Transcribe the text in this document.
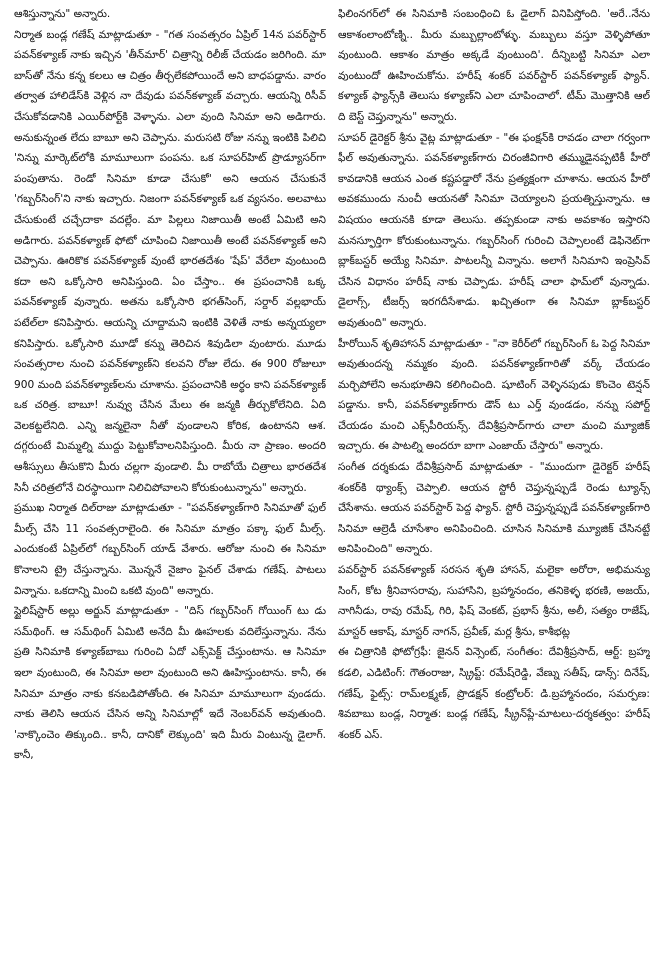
ఆశిస్తున్నాను" అన్నారు.

నిర్మాత బండ్ల గణేష్ మాట్లాడుతూ - "గత సంవత్సరం ఏప్రిల్ 14న పవర్‌స్టార్ పవన్‌కళ్యాణ్ నాకు ఇచ్చిన 'తీన్‌మార్' చిత్రాన్ని రిలీజ్ చేయడం జరిగింది. మా బాస్‌తో నేను కన్న కలలు ఆ చిత్రం తీర్చలేకపోయిందే అని బాధపడ్డాను. వారం తర్వాత హాలిడేస్‌కి వెళ్లిన నా దేవుడు పవన్‌కళ్యాణ్ వచ్చారు. ఆయన్ని రిసీవ్ చేసుకోవడానికి ఎయిర్‌పోర్ట్‌కి వెళ్ళాను. ఎలా వుంది సినిమా అని అడిగారు. అనుకున్నంత లేదు బాబూ అని చెప్పాను. మరుసటి రోజు నన్ను ఇంటికి పిలిచి 'నిన్ను మార్కెట్‌లోకి మామూలుగా పంపను. ఒక సూపర్‌హిట్ ప్రొడ్యూసర్‌గా పంపుతాను. రెండో సినిమా కూడా చేసుకో' అని ఆయన చేసుకునే 'గబ్బర్‌సింగ్'ని నాకు ఇచ్చారు. నిజంగా పవన్‌కళ్యాణ్ ఒక వ్యసనం. అలవాటు చేసుకుంటే చచ్చేదాకా వదల్లేం. మా పిల్లలు నిజాయితీ అంటే ఏమిటి అని అడిగారు. పవన్‌కళ్యాణ్ ఫోటో చూపించి నిజాయితీ అంటే పవన్‌కళ్యాణ్ అని చెప్పాను. ఊరికొక పవన్‌కళ్యాణ్ వుంటే భారతదేశం 'షేప్' వేరేలా వుంటుంది కదా అని ఒక్కోసారి అనిపిస్తుంది. ఏం చేస్తాం.. ఈ ప్రపంచానికి ఒక్క పవన్‌కళ్యాణ్ వున్నారు. అతను ఒక్కోసారి భగత్‌సింగ్, సర్దార్ వల్లభాయ్ పటేల్‌లా కనిపిస్తారు. ఆయన్ని చూద్దామని ఇంటికి వెళితే నాకు అన్నయ్యలా కనిపిస్తారు. ఒక్కోసారి మూడో కన్ను తెరిచిన శివుడిలా వుంటారు. మూడు సంవత్సరాల నుంచి పవన్‌కళ్యాణ్‌ని కలవని రోజు లేదు. ఈ 900 రోజులూ 900 మంది పవన్‌కళ్యాణ్‌లను చూశాను. ప్రపంచానికి అర్థం కాని పవన్‌కళ్యాణ్ ఒక చరిత్ర. బాబూ! నువ్వు చేసిన మేలు ఈ జన్మకి తీర్చుకోలేనిది. ఏది వెలకట్టలేనిది. ఎన్ని జన్మలైనా నీతో వుండాలని కోరిక, ఉంటానని ఆశ. దగ్గరుంటే మిమ్మల్ని ముద్దు పెట్టుకోవాలనిపిస్తుంది. మీరు నా ప్రాణం. అందరి ఆశీస్సులు తీసుకొని మీరు చల్లగా వుండాలి. మీ రాబోయే చిత్రాలు భారతదేశ సినీ చరిత్రలోనే చిరస్థాయిగా నిలిచిపోవాలని కోరుకుంటున్నాను" అన్నారు.

ప్రముఖ నిర్మాత దిల్‌రాజు మాట్లాడుతూ - "పవన్‌కళ్యాణ్‌గారి సినిమాతో ఫుల్ మీల్స్ చేసి 11 సంవత్సరాలైంది. ఈ సినిమా మాత్రం పక్కా ఫుల్ మీల్స్. ఎందుకంటే ఏప్రిల్‌లో గబ్బర్‌సింగ్ యాడ్ వేశారు. ఆరోజు నుంచి ఈ సినిమా కొనాలని ట్రై చేస్తున్నాను. మొన్ననే నైజాం ఫైనల్ చేశాడు గణేష్. పాటలు విన్నాను. ఒకదాన్ని మించి ఒకటి వుంది" అన్నారు.

స్టైలిష్‌స్టార్ అల్లు అర్జున్ మాట్లాడుతూ - "దిస్ గబ్బర్‌సింగ్ గోయింగ్ టు డు సమ్‌థింగ్. ఆ సమ్‌థింగ్ ఏమిటి అనేది మీ ఊహలకు వదిలేస్తున్నాను. నేను ప్రతి సినిమాకి కళ్యాణ్‌బాబు గురించి ఏదో ఎక్స్‌పెక్ట్ చేస్తుంటాను. ఆ సినిమా ఇలా వుంటుంది, ఈ సినిమా అలా వుంటుంది అని ఊహిస్తుంటాను. కానీ, ఈ సినిమా మాత్రం నాకు కనబడిపోతోంది. ఈ సినిమా మామూలుగా వుండదు. నాకు తెలిసి ఆయన చేసిన అన్ని సినిమాల్లో ఇదే నెంబర్‌వన్ అవుతుంది. 'నాక్కొంచెం తిక్కుంది.. కానీ, దానికో లెక్కుంది' ఇది మీరు వింటున్న డైలాగ్. కానీ,

ఫిలింనగర్‌లో ఈ సినిమాకి సంబంధించి ఓ డైలాగ్ వినిపిస్తోంది. 'అరే..నేను ఆకాశంలాంటోణ్ని.. మీరు మబ్బుల్లాంటోళ్ళు. మబ్బులు వస్తూ వెళ్ళిపోతూ వుంటుంది. ఆకాశం మాత్రం అక్కడే వుంటుంది'. దీన్నిబట్టి సినిమా ఎలా వుంటుందో ఊహించుకోను. హరీష్ శంకర్ పవర్‌స్టార్ పవన్‌కళ్యాణ్ ఫ్యాన్. కళ్యాణ్ ఫ్యాన్స్‌కి తెలుసు కళ్యాణ్‌ని ఎలా చూపించాలో. టీమ్ మొత్తానికి ఆల్ ది బెస్ట్ చెప్తున్నాను" అన్నారు.

సూపర్ డైరెక్టర్ శ్రీను వైట్ల మాట్లాడుతూ - "ఈ ఫంక్షన్‌కి రావడం చాలా గర్వంగా ఫీల్ అవుతున్నాను. పవన్‌కళ్యాణ్‌గారు చిరంజీవిగారి తమ్ముడైనప్పటికీ హీరో కావడానికి ఆయన ఎంత కష్టపడ్డారో నేను ప్రత్యక్షంగా చూశాను. ఆయన హీరో అవకముందు నుంచీ ఆయనతో సినిమా చెయ్యాలని ప్రయత్నిస్తున్నాను. ఆ విషయం ఆయనకి కూడా తెలుసు. తప్పకుండా నాకు అవకాశం ఇస్తారని మనస్ఫూర్తిగా కోరుకుంటున్నాను. గబ్బర్‌సింగ్ గురించి చెప్పాలంటే డెఫినెట్‌గా బ్లాక్‌బస్టర్ అయ్యే సినిమా. పాటలన్నీ విన్నాను. అలాగే సినిమాని ఇంప్రెసివ్ చేసిన విధానం హరీష్ నాకు చెప్పాడు. హరీష్ చాలా ఫామ్‌లో వున్నాడు. డైలాగ్స్, టీజర్స్ ఇరగదీసేశాడు. ఖచ్చితంగా ఈ సినిమా బ్లాక్‌బస్టర్ అవుతుంది" అన్నారు.

హీరోయిన్ శృతిహాసన్ మాట్లాడుతూ - "నా కెరీర్‌లో గబ్బర్‌సింగ్ ఓ పెద్ద సినిమా అవుతుందన్న నమ్మకం వుంది. పవన్‌కళ్యాణ్‌గారితో వర్క్ చేయడం మర్చిపోలేని అనుభూతిని కలిగించింది. షూటింగ్ వెళ్ళినపుడు కొంచెం టెన్షన్ పడ్డాను. కానీ, పవన్‌కళ్యాణ్‌గారు డౌన్ టు ఎర్త్ వుండడం, నన్ను సపోర్ట్ చేయడం మంచి ఎక్స్‌పీరియన్స్. దేవిశ్రీప్రసాద్‌గారు చాలా మంచి మ్యూజిక్ ఇచ్చారు. ఈ పాటల్ని అందరూ బాగా ఎంజాయ్ చేస్తారు" అన్నారు.

సంగీత దర్శకుడు దేవిశ్రీప్రసాద్ మాట్లాడుతూ - "ముందుగా డైరెక్టర్ హరీష్ శంకర్‌కి థ్యాంక్స్ చెప్పాలి. ఆయన స్టోరీ చెప్తున్నప్పుడే రెండు ట్యూన్స్ చేసేశాను. ఆయన పవర్‌స్టార్ పెద్ద ఫ్యాన్. స్టోరీ చెప్తున్నప్పుడే పవన్‌కళ్యాణ్‌గారి సినిమా ఆల్రెడీ చూసేశాం అనిపించింది. చూసిన సినిమాకి మ్యూజిక్ చేసినట్టే అనిపించింది" అన్నారు.

పవర్‌స్టార్ పవన్‌కళ్యాణ్ సరసన శృతి హాసన్, మలైకా అరోరా, అభిమన్యు సింగ్, కోట శ్రీనివాసరావు, సుహాసిని, బ్రహ్మానందం, తనికెళ్ళ భరణి, అజయ్, నాగినీడు, రావు రమేష్, గిరి, ఫిష్ వెంకట్, ప్రభాస్ శ్రీను, అలీ, సత్యం రాజేష్, మాస్టర్ ఆకాష్, మాస్టర్ నాగన్, ప్రవీణ్, మర్ల శ్రీను, కాశీభట్ల

ఈ చిత్రానికి ఫోటోగ్రఫీ: జైనన్ విన్సెంట్, సంగీతం: దేవిశ్రీప్రసాద్, ఆర్ట్: బ్రహ్మ కడలి, ఎడిటింగ్: గౌతంరాజు, స్క్రిప్ట్: రమేష్‌రెడ్డి, వేణ్ను సతీష్, డాన్స్: దినేష్, గణేష్, ఫైట్స్: రామ్‌లక్ష్మణ్, ప్రొడక్షన్ కంట్రోలర్: డి.బ్రహ్మానందం, సమర్పణ: శివబాబు బండ్ల, నిర్మాత: బండ్ల గణేష్, స్క్రీన్‌ప్లే-మాటలు-దర్శకత్వం: హరీష్ శంకర్ ఎస్.
